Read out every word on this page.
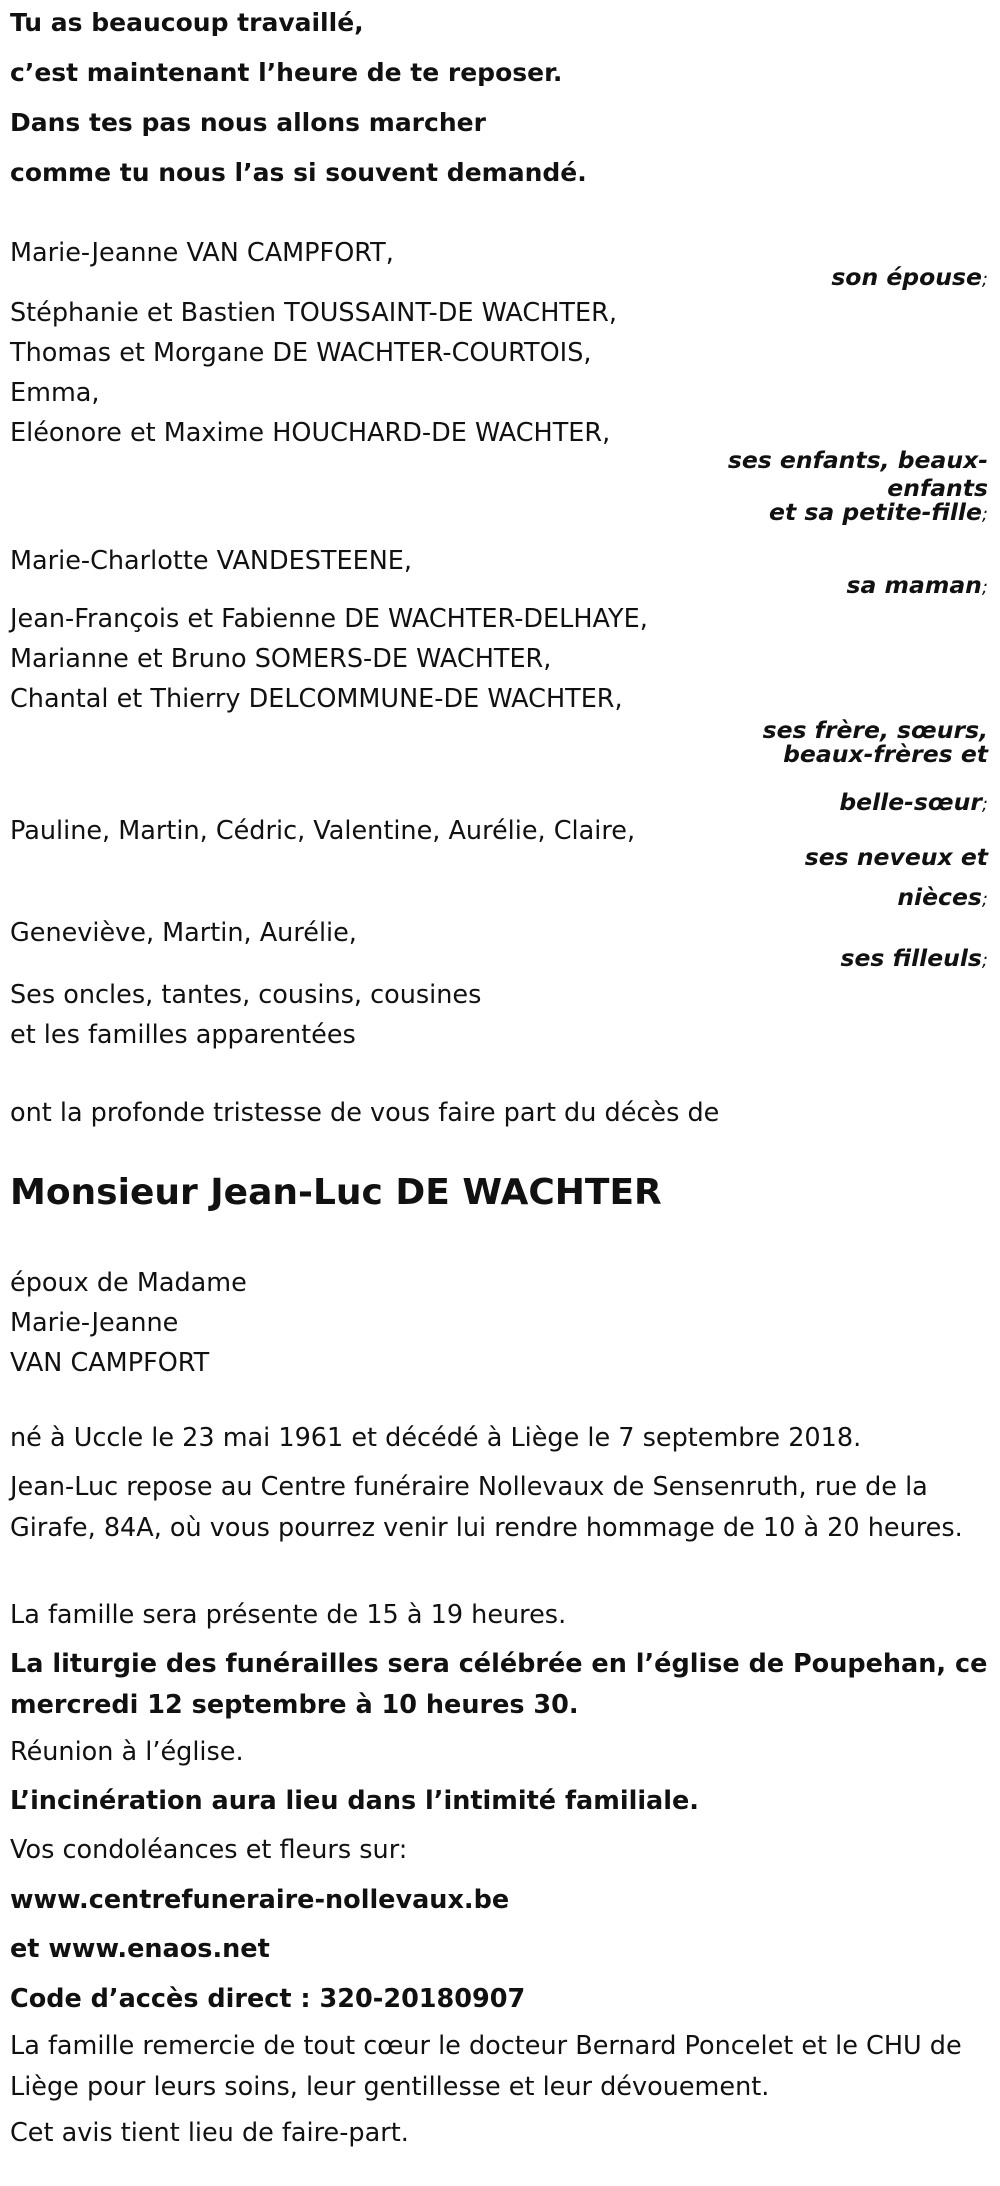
Tu as beaucoup travaillé,
c’est maintenant l’heure de te reposer.
Dans tes pas nous allons marcher
comme tu nous l’as si souvent demandé.
Marie-Jeanne VAN CAMPFORT,
son épouse;
Stéphanie et Bastien TOUSSAINT-DE WACHTER,
Thomas et Morgane DE WACHTER-COURTOIS,
Emma,
Eléonore et Maxime HOUCHARD-DE WACHTER,
ses enfants, beaux-
enfants
et sa petite-fille;
Marie-Charlotte VANDESTEENE,
sa maman;
Jean-François et Fabienne DE WACHTER-DELHAYE,
Marianne et Bruno SOMERS-DE WACHTER,
Chantal et Thierry DELCOMMUNE-DE WACHTER,
ses frère, sœurs,
beaux-frères et
belle-sœur;
Pauline, Martin, Cédric, Valentine, Aurélie, Claire,
ses neveux et
nièces;
Geneviève, Martin, Aurélie,
ses filleuls;
Ses oncles, tantes, cousins, cousines
et les familles apparentées
ont la profonde tristesse de vous faire part du décès de
Monsieur Jean-Luc DE WACHTER
époux de Madame
Marie-Jeanne
VAN CAMPFORT
né à Uccle le 23 mai 1961 et décédé à Liège le 7 septembre 2018.
Jean-Luc repose au Centre funéraire Nollevaux de Sensenruth, rue de la Girafe, 84A, où vous pourrez venir lui rendre hommage de 10 à 20 heures.
La famille sera présente de 15 à 19 heures.
La liturgie des funérailles sera célébrée en l’église de Poupehan, ce mercredi 12 septembre à 10 heures 30.
Réunion à l’église.
L’incinération aura lieu dans l’intimité familiale.
Vos condoléances et fleurs sur:
www.centrefuneraire-nollevaux.be
et www.enaos.net
Code d’accès direct : 320-20180907
La famille remercie de tout cœur le docteur Bernard Poncelet et le CHU de Liège pour leurs soins, leur gentillesse et leur dévouement.
Cet avis tient lieu de faire-part.
